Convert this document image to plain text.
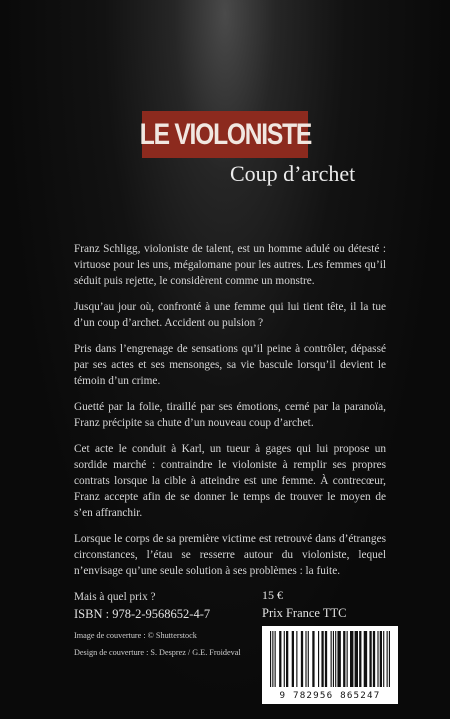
LE VIOLONISTE
Coup d’archet

Franz Schligg, violoniste de talent, est un homme adulé ou détesté : virtuose pour les uns, mégalomane pour les autres. Les femmes qu’il séduit puis rejette, le considèrent comme un monstre.

Jusqu’au jour où, confronté à une femme qui lui tient tête, il la tue d’un coup d’archet. Accident ou pulsion ?

Pris dans l’engrenage de sensations qu’il peine à contrôler, dépassé par ses actes et ses mensonges, sa vie bascule lorsqu’il devient le témoin d’un crime.

Guetté par la folie, tiraillé par ses émotions, cerné par la paranoïa, Franz précipite sa chute d’un nouveau coup d’archet.

Cet acte le conduit à Karl, un tueur à gages qui lui propose un sordide marché : contraindre le violoniste à remplir ses propres contrats lorsque la cible à atteindre est une femme. À contrecœur, Franz accepte afin de se donner le temps de trouver le moyen de s’en affranchir.

Lorsque le corps de sa première victime est retrouvé dans d’étranges circonstances, l’étau se resserre autour du violoniste, lequel n’envisage qu’une seule solution à ses problèmes : la fuite.

Mais à quel prix ?	15 €
Prix France TTC
ISBN : 978-2-9568652-4-7
Image de couverture : © Shutterstock
Design de couverture : S. Desprez / G.E. Froideval
9 782956 865247
